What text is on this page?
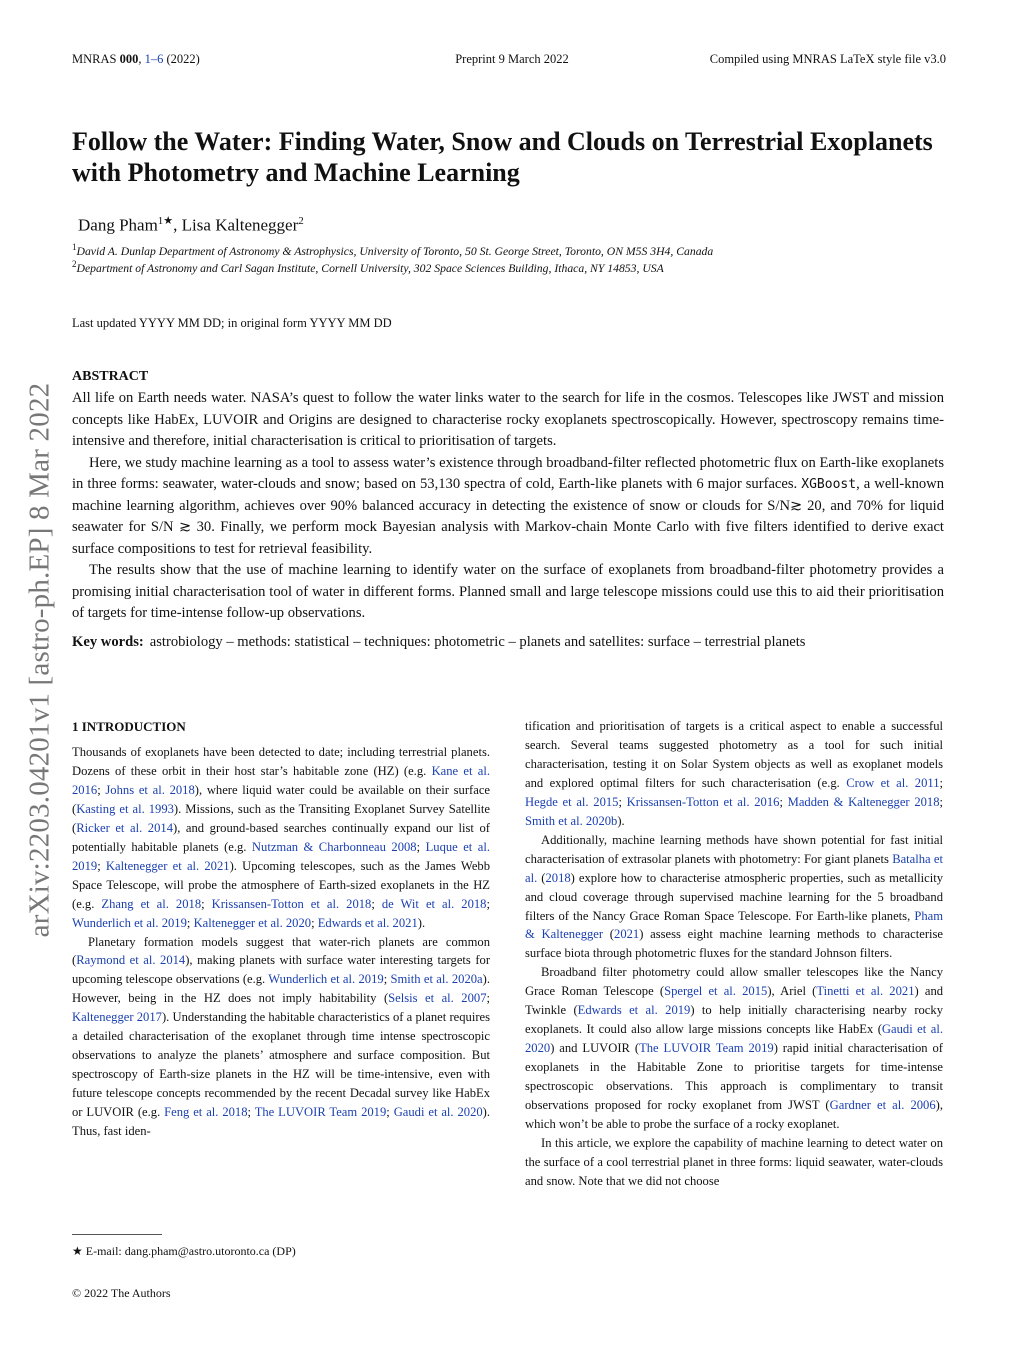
MNRAS 000, 1–6 (2022)	Preprint 9 March 2022	Compiled using MNRAS LaTeX style file v3.0
arXiv:2203.04201v1 [astro-ph.EP] 8 Mar 2022
Follow the Water: Finding Water, Snow and Clouds on Terrestrial Exoplanets with Photometry and Machine Learning
Dang Pham$^{1★}$, Lisa Kaltenegger$^2$
$^1$David A. Dunlap Department of Astronomy & Astrophysics, University of Toronto, 50 St. George Street, Toronto, ON M5S 3H4, Canada
$^2$Department of Astronomy and Carl Sagan Institute, Cornell University, 302 Space Sciences Building, Ithaca, NY 14853, USA
Last updated YYYY MM DD; in original form YYYY MM DD
ABSTRACT

All life on Earth needs water. NASA’s quest to follow the water links water to the search for life in the cosmos. Telescopes like JWST and mission concepts like HabEx, LUVOIR and Origins are designed to characterise rocky exoplanets spectroscopically. However, spectroscopy remains time-intensive and therefore, initial characterisation is critical to prioritisation of targets.

Here, we study machine learning as a tool to assess water’s existence through broadband-filter reflected photometric flux on Earth-like exoplanets in three forms: seawater, water-clouds and snow; based on 53,130 spectra of cold, Earth-like planets with 6 major surfaces. XGBoost, a well-known machine learning algorithm, achieves over 90% balanced accuracy in detecting the existence of snow or clouds for S/N≳ 20, and 70% for liquid seawater for S/N ≳ 30. Finally, we perform mock Bayesian analysis with Markov-chain Monte Carlo with five filters identified to derive exact surface compositions to test for retrieval feasibility.

The results show that the use of machine learning to identify water on the surface of exoplanets from broadband-filter photometry provides a promising initial characterisation tool of water in different forms. Planned small and large telescope missions could use this to aid their prioritisation of targets for time-intense follow-up observations.

Key words: astrobiology – methods: statistical – techniques: photometric – planets and satellites: surface – terrestrial planets
1 INTRODUCTION

Thousands of exoplanets have been detected to date; including terrestrial planets. Dozens of these orbit in their host star’s habitable zone (HZ) (e.g. Kane et al. 2016; Johns et al. 2018), where liquid water could be available on their surface (Kasting et al. 1993). Missions, such as the Transiting Exoplanet Survey Satellite (Ricker et al. 2014), and ground-based searches continually expand our list of potentially habitable planets (e.g. Nutzman & Charbonneau 2008; Luque et al. 2019; Kaltenegger et al. 2021). Upcoming telescopes, such as the James Webb Space Telescope, will probe the atmosphere of Earth-sized exoplanets in the HZ (e.g. Zhang et al. 2018; Krissansen-Totton et al. 2018; de Wit et al. 2018; Wunderlich et al. 2019; Kaltenegger et al. 2020; Edwards et al. 2021).

Planetary formation models suggest that water-rich planets are common (Raymond et al. 2014), making planets with surface water interesting targets for upcoming telescope observations (e.g. Wunderlich et al. 2019; Smith et al. 2020a). However, being in the HZ does not imply habitability (Selsis et al. 2007; Kaltenegger 2017). Understanding the habitable characteristics of a planet requires a detailed characterisation of the exoplanet through time intense spectroscopic observations to analyze the planets’ atmosphere and surface composition. But spectroscopy of Earth-size planets in the HZ will be time-intensive, even with future telescope concepts recommended by the recent Decadal survey like HabEx or LUVOIR (e.g. Feng et al. 2018; The LUVOIR Team 2019; Gaudi et al. 2020). Thus, fast iden-

tification and prioritisation of targets is a critical aspect to enable a successful search. Several teams suggested photometry as a tool for such initial characterisation, testing it on Solar System objects as well as exoplanet models and explored optimal filters for such characterisation (e.g. Crow et al. 2011; Hegde et al. 2015; Krissansen-Totton et al. 2016; Madden & Kaltenegger 2018; Smith et al. 2020b).

Additionally, machine learning methods have shown potential for fast initial characterisation of extrasolar planets with photometry: For giant planets Batalha et al. (2018) explore how to characterise atmospheric properties, such as metallicity and cloud coverage through supervised machine learning for the 5 broadband filters of the Nancy Grace Roman Space Telescope. For Earth-like planets, Pham & Kaltenegger (2021) assess eight machine learning methods to characterise surface biota through photometric fluxes for the standard Johnson filters.

Broadband filter photometry could allow smaller telescopes like the Nancy Grace Roman Telescope (Spergel et al. 2015), Ariel (Tinetti et al. 2021) and Twinkle (Edwards et al. 2019) to help initially characterising nearby rocky exoplanets. It could also allow large missions concepts like HabEx (Gaudi et al. 2020) and LUVOIR (The LUVOIR Team 2019) rapid initial characterisation of exoplanets in the Habitable Zone to prioritise targets for time-intense spectroscopic observations. This approach is complimentary to transit observations proposed for rocky exoplanet from JWST (Gardner et al. 2006), which won’t be able to probe the surface of a rocky exoplanet.

In this article, we explore the capability of machine learning to detect water on the surface of a cool terrestrial planet in three forms: liquid seawater, water-clouds and snow. Note that we did not choose

★ E-mail: dang.pham@astro.utoronto.ca (DP)
© 2022 The Authors
